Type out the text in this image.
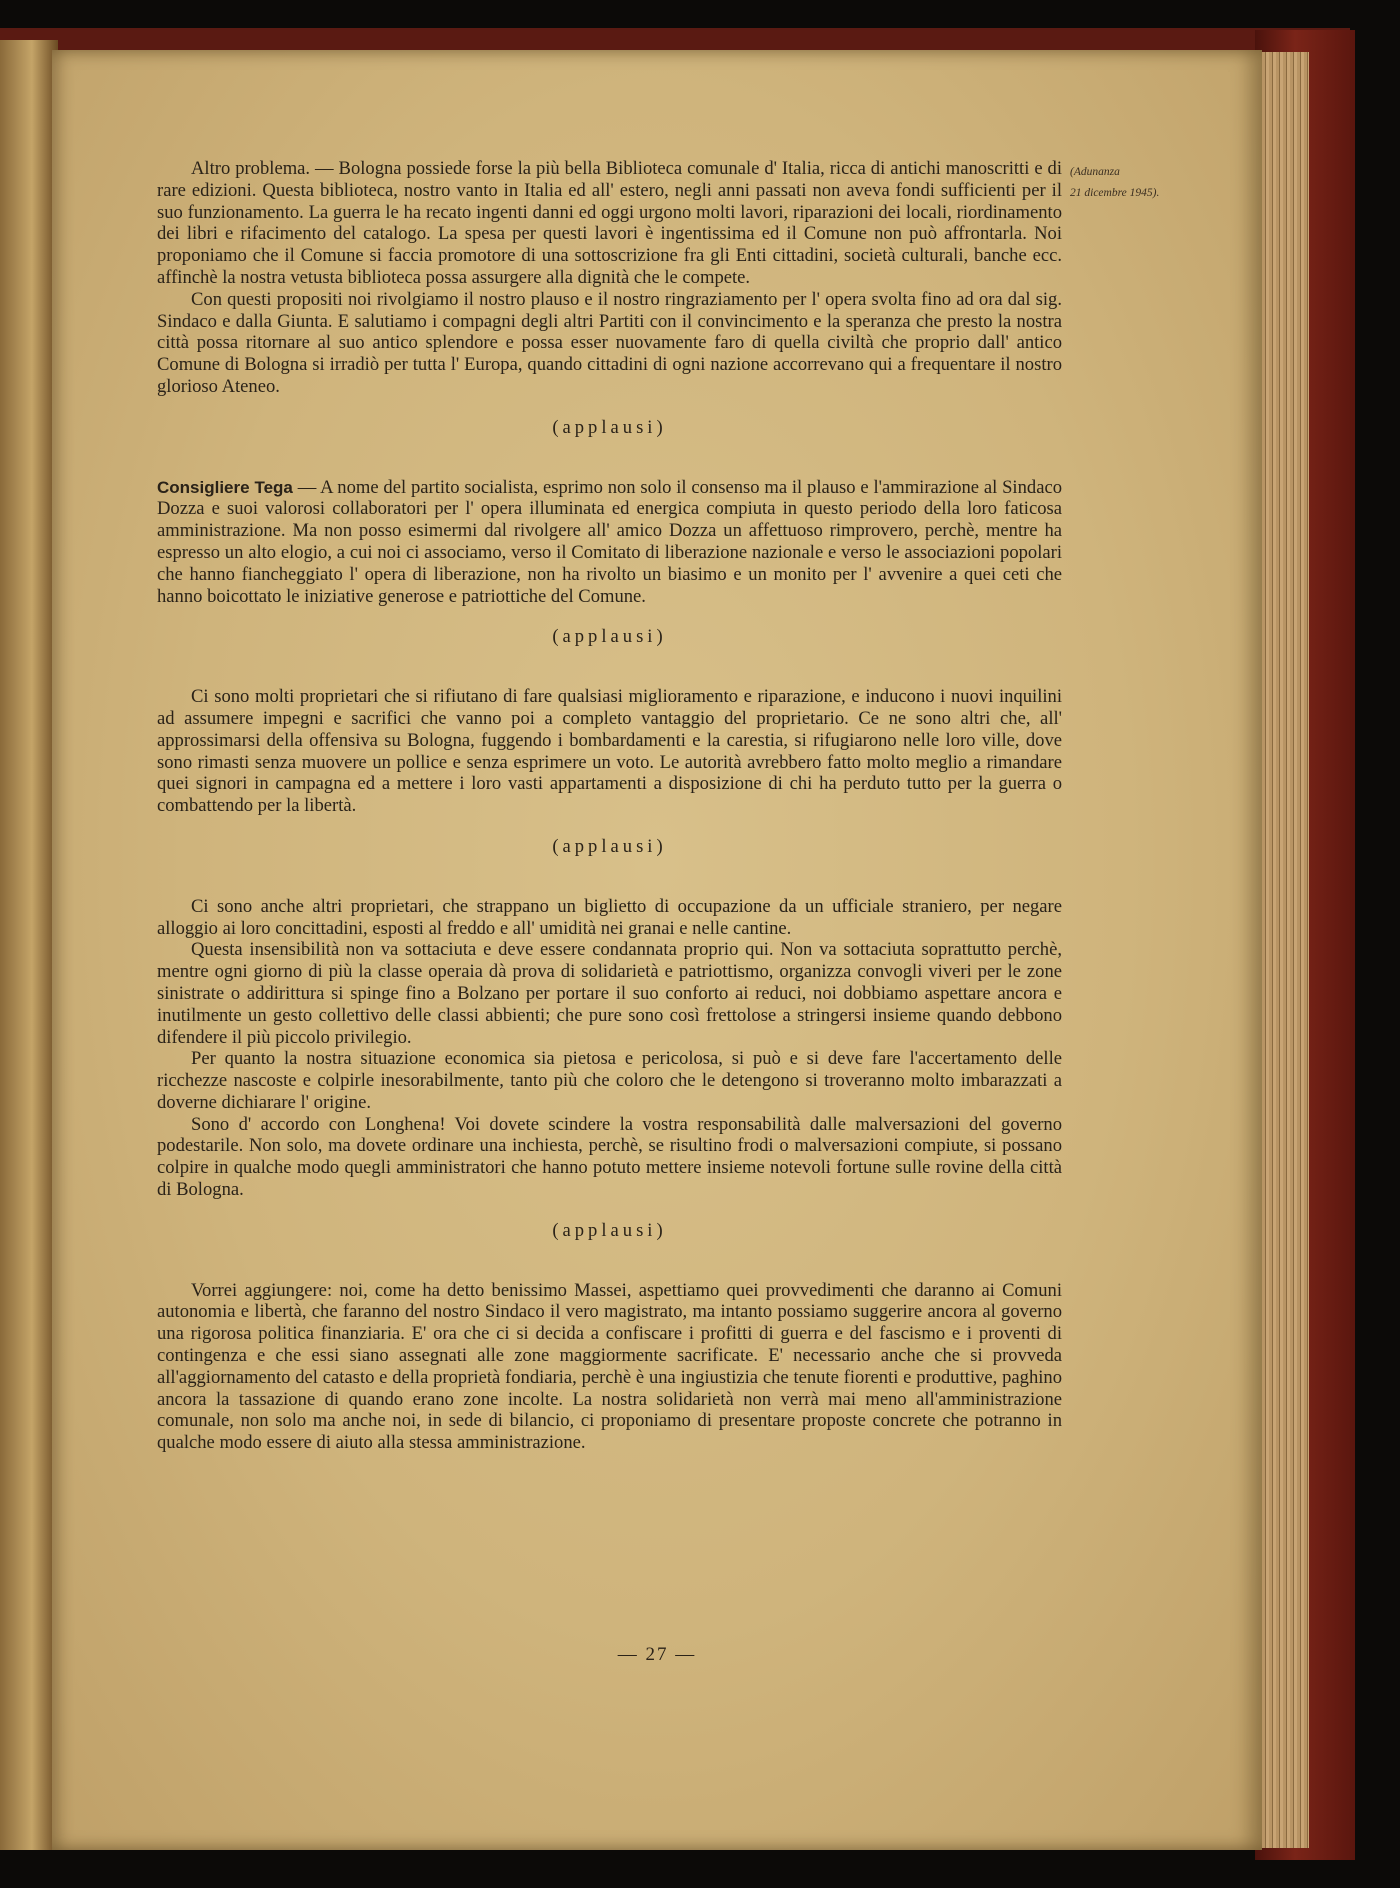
(Adunanza
21 dicembre 1945).

Altro problema. — Bologna possiede forse la più bella Biblioteca comunale d' Italia, ricca di antichi manoscritti e di rare edizioni. Questa biblioteca, nostro vanto in Italia ed all' estero, negli anni passati non aveva fondi sufficienti per il suo funzionamento. La guerra le ha recato ingenti danni ed oggi urgono molti lavori, riparazioni dei locali, riordinamento dei libri e rifacimento del catalogo. La spesa per questi lavori è ingentissima ed il Comune non può affrontarla. Noi proponiamo che il Comune si faccia promotore di una sottoscrizione fra gli Enti cittadini, società culturali, banche ecc. affinchè la nostra vetusta biblioteca possa assurgere alla dignità che le compete.

Con questi propositi noi rivolgiamo il nostro plauso e il nostro ringraziamento per l' opera svolta fino ad ora dal sig. Sindaco e dalla Giunta. E salutiamo i compagni degli altri Partiti con il convincimento e la speranza che presto la nostra città possa ritornare al suo antico splendore e possa esser nuovamente faro di quella civiltà che proprio dall' antico Comune di Bologna si irradiò per tutta l' Europa, quando cittadini di ogni nazione accorrevano qui a frequentare il nostro glorioso Ateneo.

(applausi)

Consigliere Tega — A nome del partito socialista, esprimo non solo il consenso ma il plauso e l'ammirazione al Sindaco Dozza e suoi valorosi collaboratori per l' opera illuminata ed energica compiuta in questo periodo della loro faticosa amministrazione. Ma non posso esimermi dal rivolgere all' amico Dozza un affettuoso rimprovero, perchè, mentre ha espresso un alto elogio, a cui noi ci associamo, verso il Comitato di liberazione nazionale e verso le associazioni popolari che hanno fiancheggiato l' opera di liberazione, non ha rivolto un biasimo e un monito per l' avvenire a quei ceti che hanno boicottato le iniziative generose e patriottiche del Comune.

(applausi)

Ci sono molti proprietari che si rifiutano di fare qualsiasi miglioramento e riparazione, e inducono i nuovi inquilini ad assumere impegni e sacrifici che vanno poi a completo vantaggio del proprietario. Ce ne sono altri che, all' approssimarsi della offensiva su Bologna, fuggendo i bombardamenti e la carestia, si rifugiarono nelle loro ville, dove sono rimasti senza muovere un pollice e senza esprimere un voto. Le autorità avrebbero fatto molto meglio a rimandare quei signori in campagna ed a mettere i loro vasti appartamenti a disposizione di chi ha perduto tutto per la guerra o combattendo per la libertà.

(applausi)

Ci sono anche altri proprietari, che strappano un biglietto di occupazione da un ufficiale straniero, per negare alloggio ai loro concittadini, esposti al freddo e all' umidità nei granai e nelle cantine.

Questa insensibilità non va sottaciuta e deve essere condannata proprio qui. Non va sottaciuta soprattutto perchè, mentre ogni giorno di più la classe operaia dà prova di solidarietà e patriottismo, organizza convogli viveri per le zone sinistrate o addirittura si spinge fino a Bolzano per portare il suo conforto ai reduci, noi dobbiamo aspettare ancora e inutilmente un gesto collettivo delle classi abbienti; che pure sono così frettolose a stringersi insieme quando debbono difendere il più piccolo privilegio.

Per quanto la nostra situazione economica sia pietosa e pericolosa, si può e si deve fare l'accertamento delle ricchezze nascoste e colpirle inesorabilmente, tanto più che coloro che le detengono si troveranno molto imbarazzati a doverne dichiarare l' origine.

Sono d' accordo con Longhena! Voi dovete scindere la vostra responsabilità dalle malversazioni del governo podestarile. Non solo, ma dovete ordinare una inchiesta, perchè, se risultino frodi o malversazioni compiute, si possano colpire in qualche modo quegli amministratori che hanno potuto mettere insieme notevoli fortune sulle rovine della città di Bologna.

(applausi)

Vorrei aggiungere: noi, come ha detto benissimo Massei, aspettiamo quei provvedimenti che daranno ai Comuni autonomia e libertà, che faranno del nostro Sindaco il vero magistrato, ma intanto possiamo suggerire ancora al governo una rigorosa politica finanziaria. E' ora che ci si decida a confiscare i profitti di guerra e del fascismo e i proventi di contingenza e che essi siano assegnati alle zone maggiormente sacrificate. E' necessario anche che si provveda all'aggiornamento del catasto e della proprietà fondiaria, perchè è una ingiustizia che tenute fiorenti e produttive, paghino ancora la tassazione di quando erano zone incolte. La nostra solidarietà non verrà mai meno all'amministrazione comunale, non solo ma anche noi, in sede di bilancio, ci proponiamo di presentare proposte concrete che potranno in qualche modo essere di aiuto alla stessa amministrazione.

— 27 —
